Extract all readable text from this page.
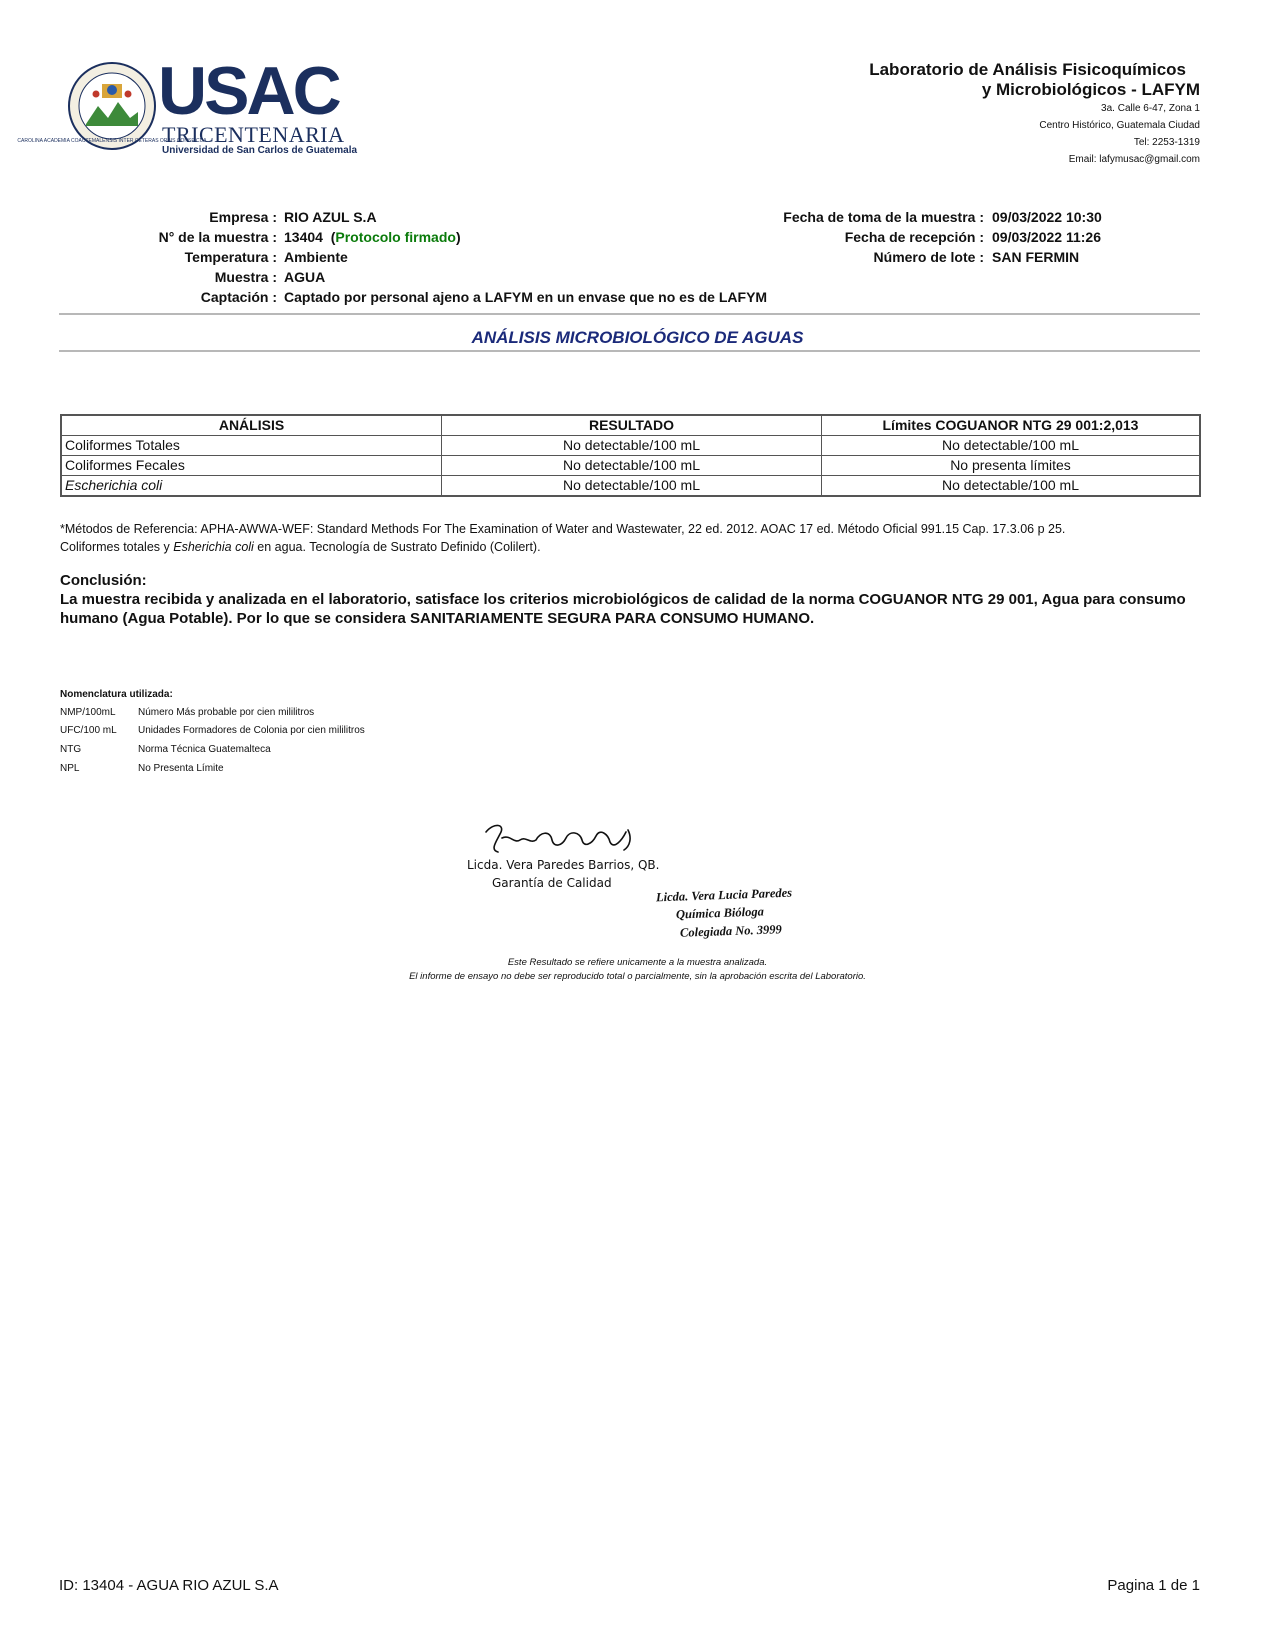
CAROLINA ACADEMIA COACTEMALENSIS INTER CETERAS ORBIS CONSPICUA
USAC
TRICENTENARIA
Universidad de San Carlos de Guatemala
Laboratorio de Análisis Fisicoquímicos
y Microbiológicos - LAFYM
3a. Calle 6-47, Zona 1
Centro Histórico, Guatemala Ciudad
Tel: 2253-1319
Email: lafymusac@gmail.com
Empresa : RIO AZUL S.A
N° de la muestra : 13404  (Protocolo firmado)
Temperatura : Ambiente
Muestra : AGUA
Captación : Captado por personal ajeno a LAFYM en un envase que no es de LAFYM
Fecha de toma de la muestra : 09/03/2022 10:30
Fecha de recepción : 09/03/2022 11:26
Número de lote : SAN FERMIN
ANÁLISIS MICROBIOLÓGICO DE AGUAS
ANÁLISIS	RESULTADO	Límites COGUANOR NTG 29 001:2,013
Coliformes Totales	No detectable/100 mL	No detectable/100 mL
Coliformes Fecales	No detectable/100 mL	No presenta límites
Escherichia coli	No detectable/100 mL	No detectable/100 mL
*Métodos de Referencia: APHA-AWWA-WEF: Standard Methods For The Examination of Water and Wastewater, 22 ed. 2012. AOAC 17 ed. Método Oficial 991.15 Cap. 17.3.06 p 25.
Coliformes totales y Esherichia coli en agua. Tecnología de Sustrato Definido (Colilert).
Conclusión:
La muestra recibida y analizada en el laboratorio, satisface los criterios microbiológicos de calidad de la norma COGUANOR NTG 29 001, Agua para consumo humano (Agua Potable). Por lo que se considera SANITARIAMENTE SEGURA PARA CONSUMO HUMANO.
Nomenclatura utilizada:
NMP/100mL Número Más probable por cien mililitros
UFC/100 mL Unidades Formadores de Colonia por cien mililitros
NTG	Norma Técnica Guatemalteca
NPL	No Presenta Límite
VeraParedes
Licda. Vera Paredes Barrios, QB.
Garantía de Calidad
Licda. Vera Lucia Paredes
Química Bióloga
Colegiada No. 3999
Este Resultado se refiere unicamente a la muestra analizada.
El informe de ensayo no debe ser reproducido total o parcialmente, sin la aprobación escrita del Laboratorio.
ID: 13404 - AGUA RIO AZUL S.A	Pagina 1 de 1
